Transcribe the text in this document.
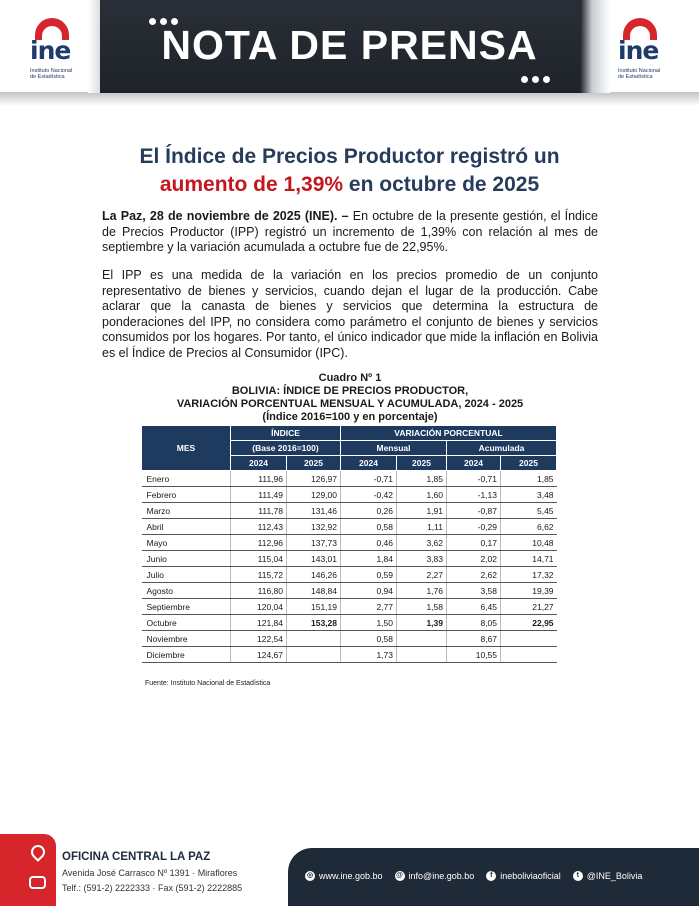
NOTA DE PRENSA
ine
Instituto Nacional
de Estadística
ine
Instituto Nacional
de Estadística
El Índice de Precios Productor registró un
aumento de 1,39% en octubre de 2025
La Paz, 28 de noviembre de 2025 (INE). – En octubre de la presente gestión, el Índice de Precios Productor (IPP) registró un incremento de 1,39% con relación al mes de septiembre y la variación acumulada a octubre fue de 22,95%.
El IPP es una medida de la variación en los precios promedio de un conjunto representativo de bienes y servicios, cuando dejan el lugar de la producción. Cabe aclarar que la canasta de bienes y servicios que determina la estructura de ponderaciones del IPP, no considera como parámetro el conjunto de bienes y servicios consumidos por los hogares. Por tanto, el único indicador que mide la inflación en Bolivia es el Índice de Precios al Consumidor (IPC).
Cuadro Nº 1
BOLIVIA: ÍNDICE DE PRECIOS PRODUCTOR,
VARIACIÓN PORCENTUAL MENSUAL Y ACUMULADA, 2024 - 2025
(Índice 2016=100 y en porcentaje)
MES	ÍNDICE		VARIACIÓN PORCENTUAL			
	(Base 2016=100)		Mensual		Acumulada	
	2024	2025	2024	2025	2024	2025
Enero	111,96	126,97	-0,71	1,85	-0,71	1,85
Febrero	111,49	129,00	-0,42	1,60	-1,13	3,48
Marzo	111,78	131,46	0,26	1,91	-0,87	5,45
Abril	112,43	132,92	0,58	1,11	-0,29	6,62
Mayo	112,96	137,73	0,46	3,62	0,17	10,48
Junio	115,04	143,01	1,84	3,83	2,02	14,71
Julio	115,72	146,26	0,59	2,27	2,62	17,32
Agosto	116,80	148,84	0,94	1,76	3,58	19,39
Septiembre	120,04	151,19	2,77	1,58	6,45	21,27
Octubre	121,84	153,28	1,50	1,39	8,05	22,95
Noviembre	122,54		0,58		8,67	
Diciembre	124,67		1,73		10,55	
Fuente: Instituto Nacional de Estadística
OFICINA CENTRAL LA PAZ
Avenida José Carrasco Nº 1391 · Miraflores
Telf.: (591-2) 2222333 · Fax (591-2) 2222885
◎ www.ine.gob.bo @ info@ine.gob.bo	f ineboliviaoficial	t @INE_Bolivia
